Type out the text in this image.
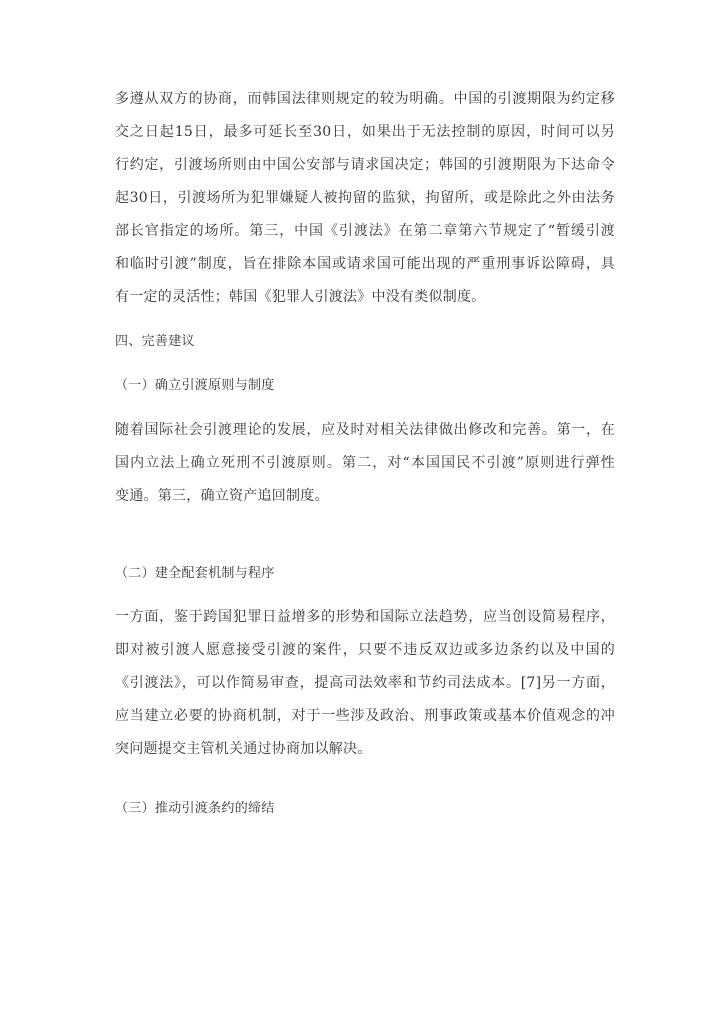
多遵从双方的协商，而韩国法律则规定的较为明确。中国的引渡期限为约定移
交之日起15日，最多可延长至30日，如果出于无法控制的原因，时间可以另
行约定，引渡场所则由中国公安部与请求国决定；韩国的引渡期限为下达命令
起30日，引渡场所为犯罪嫌疑人被拘留的监狱，拘留所，或是除此之外由法务
部长官指定的场所。第三，中国《引渡法》在第二章第六节规定了“暂缓引渡
和临时引渡”制度，旨在排除本国或请求国可能出现的严重刑事诉讼障碍，具
有一定的灵活性；韩国《犯罪人引渡法》中没有类似制度。
四、完善建议
（一）确立引渡原则与制度
随着国际社会引渡理论的发展，应及时对相关法律做出修改和完善。第一，在
国内立法上确立死刑不引渡原则。第二，对“本国国民不引渡”原则进行弹性
变通。第三，确立资产追回制度。
（二）建全配套机制与程序
一方面，鉴于跨国犯罪日益增多的形势和国际立法趋势，应当创设简易程序，
即对被引渡人愿意接受引渡的案件，只要不违反双边或多边条约以及中国的
《引渡法》，可以作简易审查，提高司法效率和节约司法成本。[7]另一方面，
应当建立必要的协商机制，对于一些涉及政治、刑事政策或基本价值观念的冲
突问题提交主管机关通过协商加以解决。
（三）推动引渡条约的缔结
